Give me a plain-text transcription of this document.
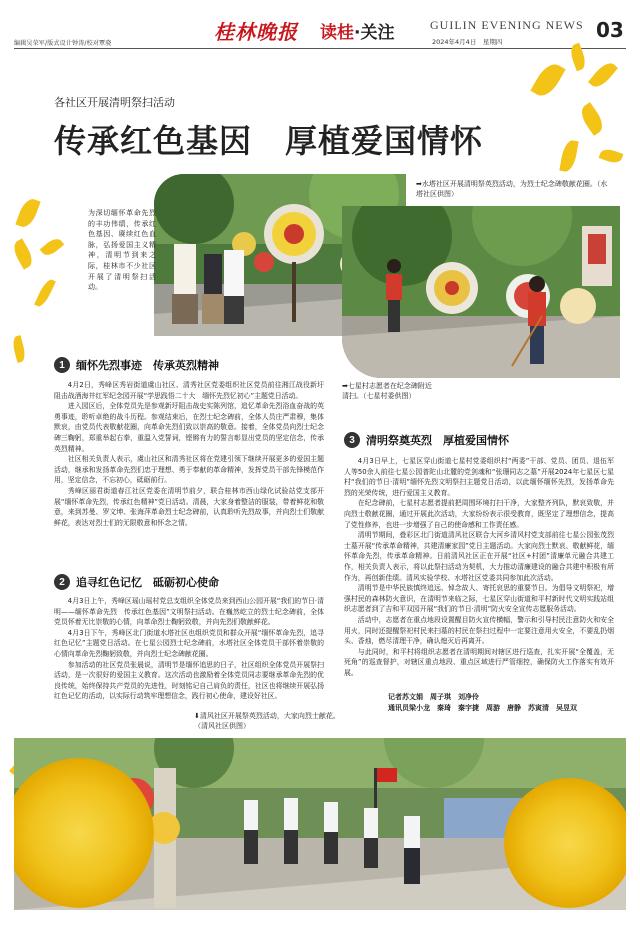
编辑吴荣军/版式设计钟涛/校对覃骁	桂林晚报 读桂·关注	GUILIN EVENING NEWS
2024年4月4日　星期四	03
各社区开展清明祭扫活动
传承红色基因　厚植爱国情怀
为深切缅怀革命先烈的丰功伟绩，传承红色基因、赓续红色血脉，弘扬爱国主义精神，清明节到来之际，桂林市不少社区开展了清明祭扫活动。
➡水塔社区开展清明祭英烈活动，为烈士纪念碑敬献花圈。（水塔社区供图）
➡七星村志愿者在纪念碑附近清扫。（七星村委供图）
1	缅怀先烈事迹　传承英烈精神

4月2日，秀峰区秀岩街道虞山社区、清秀社区党委组织社区党员前往湘江战役新圩阻击战酒海井红军纪念园开展“学思践悟二十大　缅怀先烈忆初心”主题党日活动。

进入园区后，全体党员先是参观新圩阻击战史实陈列馆，追忆革命先烈浴血奋战的英勇事迹，聆听卓绝的战斗历程。参观结束后，在烈士纪念碑前，全体人员庄严肃穆，集体默哀，由党员代表敬献花圈，向革命先烈们致以崇高的敬意。接着，全体党员向烈士纪念碑三鞠躬，郑重举起右拳，重温入党誓词，铿锵有力的誓言彰显出党员的坚定信念，传承英烈精神。

社区相关负责人表示，虞山社区和清秀社区将在党建引领下继续开展更多的爱国主题活动，继承和发扬革命先烈们忠于理想、勇于奉献的革命精神，发挥党员干部先锋模范作用，坚定信念，不忘初心，砥砺前行。

秀峰区丽君街道春江社区党委在清明节前夕，联合桂林市西山绿化试验站党支部开展“缅怀革命先烈，传承红色精神”党日活动。清晨，大家身着整洁的服装，带着鲜花和敬意，来到苏曼、罗文坤、张海萍革命烈士纪念碑前，认真聆听先烈故事，并向烈士们敬献鲜花，表达对烈士们的无限敬意和怀念之情。

2	追寻红色记忆　砥砺初心使命

4月3日上午，秀峰区瑶山瑶村党总支组织全体党员来到西山公园开展“我们的节日·清明——缅怀革命先烈　传承红色基因”文明祭扫活动。在巍然屹立的烈士纪念碑前，全体党员怀着无比崇敬的心情，向革命烈士鞠躬致敬，并向先烈们敬献鲜花。

4月3日下午，秀峰区北门街道水塔社区也组织党员和群众开展“缅怀革命先烈，追寻红色记忆”主题党日活动。在七星公园烈士纪念碑前，水塔社区全体党员干部怀着崇敬的心情向革命先烈鞠躬致敬，并向烈士纪念碑献花圈。

参加活动的社区党员张晨说，清明节是缅怀追思的日子，社区组织全体党员开展祭扫活动，是一次很好的爱国主义教育。这次活动也激励着全体党员同志要继承革命先烈的优良传统，始终保持共产党员的先进性，时刻铭记自己肩负的责任，社区也将继续开展弘扬红色记忆的活动，以实际行动筑牢理想信念，践行初心使命，建设好社区。

3	清明祭奠英烈　厚植爱国情怀

4月3日早上，七星区穿山街道七星村党委组织村“两委”干部、党员、团员、退伍军人等50余人前往七星公园普陀山北麓的党剑魂和“张珊同志之墓”开展2024年七星区七星村“我们的节日·清明”缅怀先烈文明祭扫主题党日活动，以此缅怀缅怀先烈，发扬革命先烈的光荣传统，进行爱国主义教育。

在纪念碑前，七星村志愿者提前把周围环境打扫干净，大家整齐列队，默哀致敬，并向烈士敬献花圈，通过开展此次活动，大家纷纷表示很受教育，既坚定了理想信念，提高了党性修养，也进一步增强了自己的使命感和工作责任感。

清明节期间，叠彩区北门街道清风社区联合大河乡清风村党支部前往七星公园张茂烈士墓开展“传承革命精神，共建清廉家园”党日主题活动。大家向烈士默哀、敬献鲜花，缅怀革命先烈，传承革命精神。日前清风社区正在开展“社区+村团”清廉单元融合共建工作，相关负责人表示，将以此祭扫活动为契机，大力推动清廉建设的融合共建中积极有所作为，再创新佳绩。清风实验学校、水塔社区党委共同参加此次活动。

清明节是中华民族慎终追远、悼念故人、寄托哀思的重要节日。为倡导文明祭祀，增强村民的森林防火意识，在清明节来临之际，七星区穿山街道和平村新时代文明实践站组织志愿者到了吉和平双园开展“我们的节日·清明”防火安全宣传志愿服务活动。

活动中，志愿者在重点地段设置醒目防火宣传横幅，警示和引导村民注意防火和安全用火，同时还提醒祭祀村民来扫墓的村民在祭扫过程中一定要注意用火安全，不要乱扔烟头、香烛，燃尽清理干净，确认熄灭后再离开。

与此同时，和平村将组织志愿者在清明期间对辖区进行巡查，扎实开展“全覆盖，无死角”的巡查督护，对辖区重点地段、重点区域进行严管细控，确保防火工作落实有效开展。

记者苏文娟　周子琪　刘净伶
通讯员梁小龙　秦琦　秦宇捷　周游　唐静　苏寅清　吴昱双
⬇清风社区开展祭英烈活动，大家向烈士献花。（清风社区供图）
